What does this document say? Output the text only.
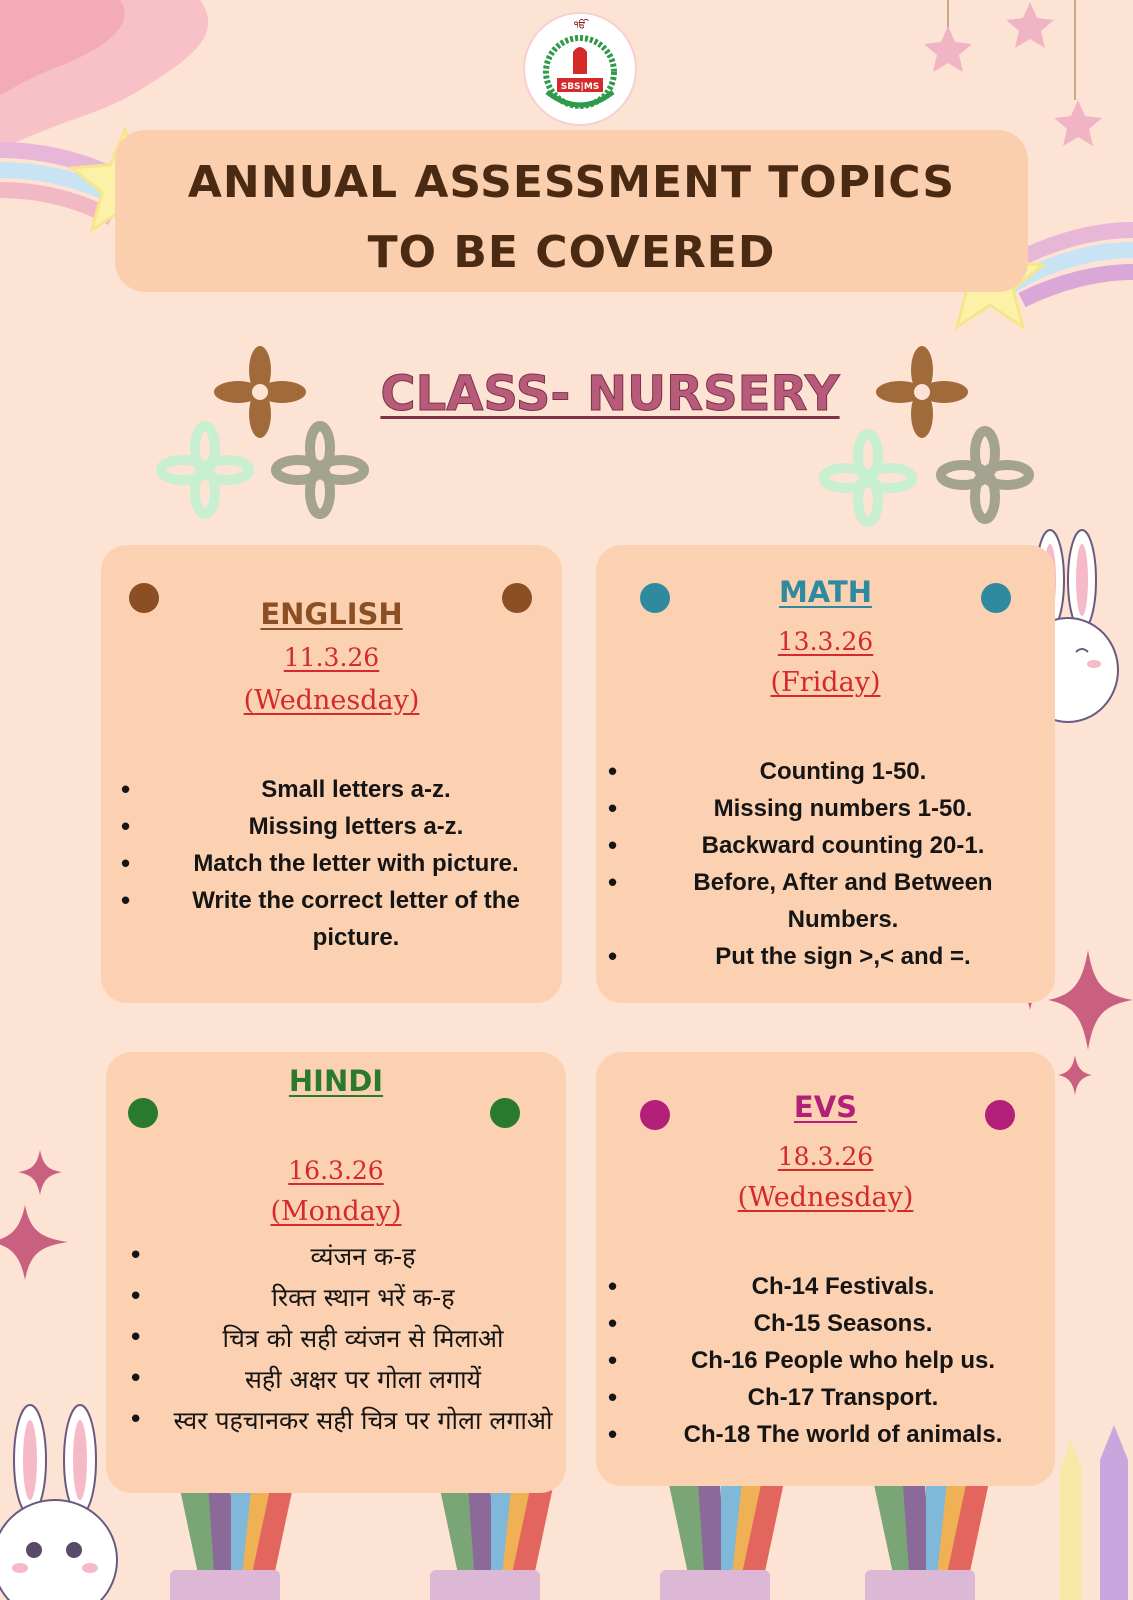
SBS|MS
ੴ
ANNUAL ASSESSMENT TOPICS
TO BE COVERED
CLASS- NURSERY
ENGLISH
11.3.26
(Wednesday)
• Small letters a-z.
• Missing letters a-z.
• Match the letter with picture.
• Write the correct letter of the picture.
MATH
13.3.26
(Friday)
• Counting 1-50.
• Missing numbers 1-50.
• Backward counting 20-1.
• Before, After and Between Numbers.
• Put the sign >,< and =.
HINDI
16.3.26
(Monday)
• व्यंजन क-ह
• रिक्त स्थान भरें क-ह
• चित्र को सही व्यंजन से मिलाओ
• सही अक्षर पर गोला लगायें
• स्वर पहचानकर सही चित्र पर गोला लगाओ
EVS
18.3.26
(Wednesday)
• Ch-14 Festivals.
• Ch-15 Seasons.
• Ch-16 People who help us.
• Ch-17 Transport.
• Ch-18 The world of animals.
